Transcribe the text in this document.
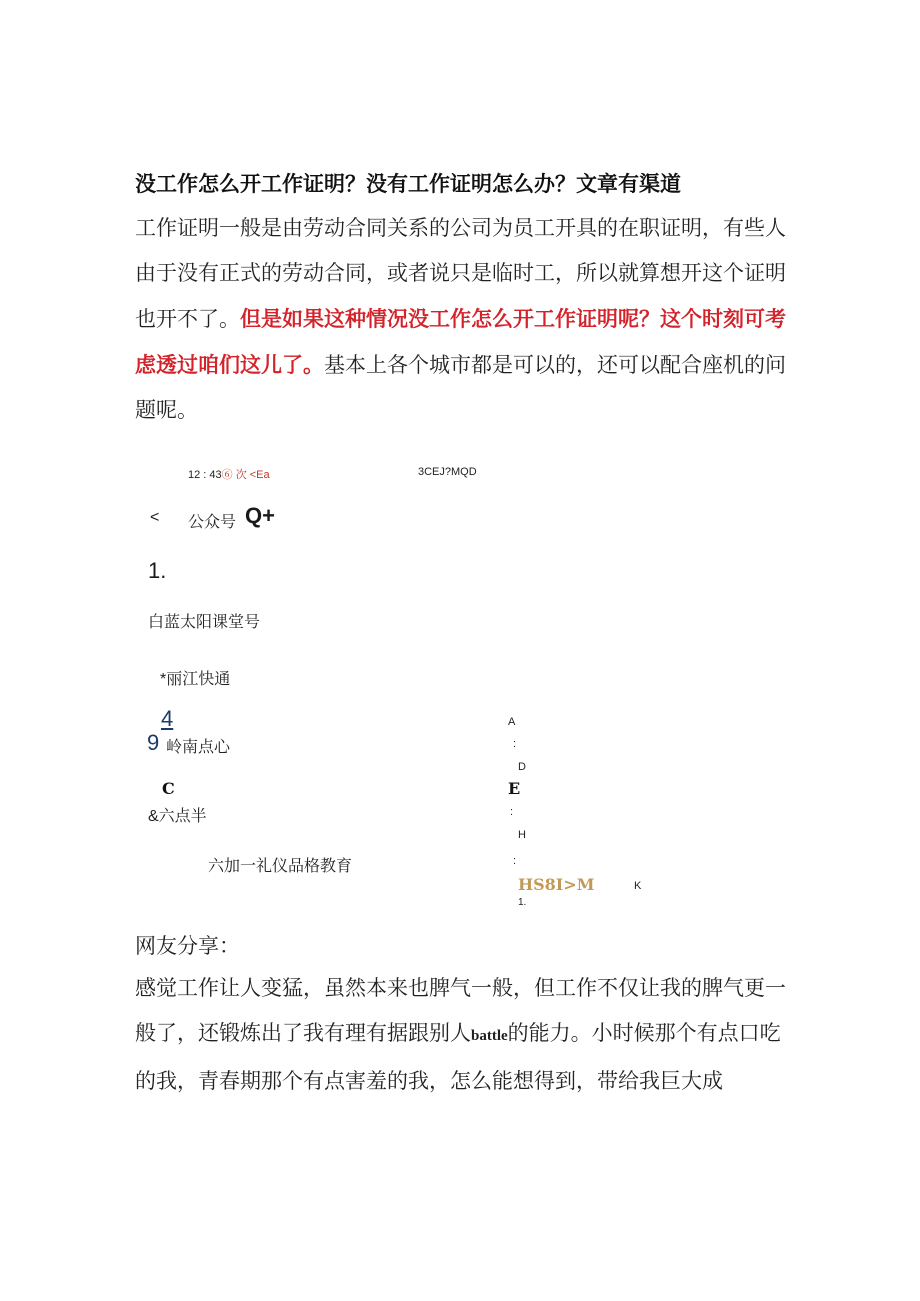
没工作怎么开工作证明？没有工作证明怎么办？文章有渠道

工作证明一般是由劳动合同关系的公司为员工开具的在职证明，有些人由于没有正式的劳动合同，或者说只是临时工，所以就算想开这个证明也开不了。但是如果这种情况没工作怎么开工作证明呢？这个时刻可考虑透过咱们这儿了。基本上各个城市都是可以的，还可以配合座机的问题呢。

12 : 43⑥ 次 <Ea	3CEJ?MQD
< 公众号 Q+
1.
白蓝太阳课堂号
*丽江快通
4
9 岭南点心
C
&六点半
六加一礼仪品格教育
A
:
D
E
:
H
:
HS8I>M	K
1.
网友分享：

感觉工作让人变猛，虽然本来也脾气一般，但工作不仅让我的脾气更一般了，还锻炼出了我有理有据跟别人battle的能力。小时候那个有点口吃的我，青春期那个有点害羞的我，怎么能想得到，带给我巨大成
